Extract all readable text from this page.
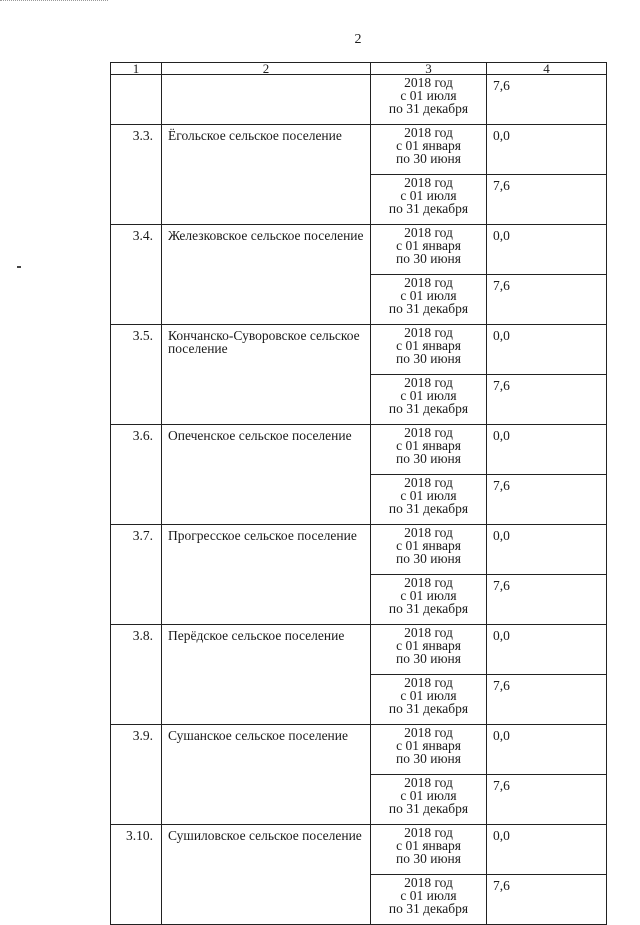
2
1	2	3	4

		2018 год
с 01 июля
по 31 декабря	7,6
3.3.	Ёгольское сельское поселение	2018 год
с 01 января
по 30 июня	0,0

		2018 год
с 01 июля
по 31 декабря	7,6
3.4.	Железковское сельское поселение	2018 год
с 01 января
по 30 июня	0,0

		2018 год
с 01 июля
по 31 декабря	7,6
3.5.	Кончанско-Суворовское сельское поселение	2018 год
с 01 января
по 30 июня	0,0

		2018 год
с 01 июля
по 31 декабря	7,6
3.6.	Опеченское сельское поселение	2018 год
с 01 января
по 30 июня	0,0

		2018 год
с 01 июля
по 31 декабря	7,6
3.7.	Прогресское сельское поселение	2018 год
с 01 января
по 30 июня	0,0

		2018 год
с 01 июля
по 31 декабря	7,6
3.8.	Перёдское сельское поселение	2018 год
с 01 января
по 30 июня	0,0

		2018 год
с 01 июля
по 31 декабря	7,6
3.9.	Сушанское сельское поселение	2018 год
с 01 января
по 30 июня	0,0

		2018 год
с 01 июля
по 31 декабря	7,6
3.10.	Сушиловское сельское поселение	2018 год
с 01 января
по 30 июня	0,0

		2018 год
с 01 июля
по 31 декабря	7,6
